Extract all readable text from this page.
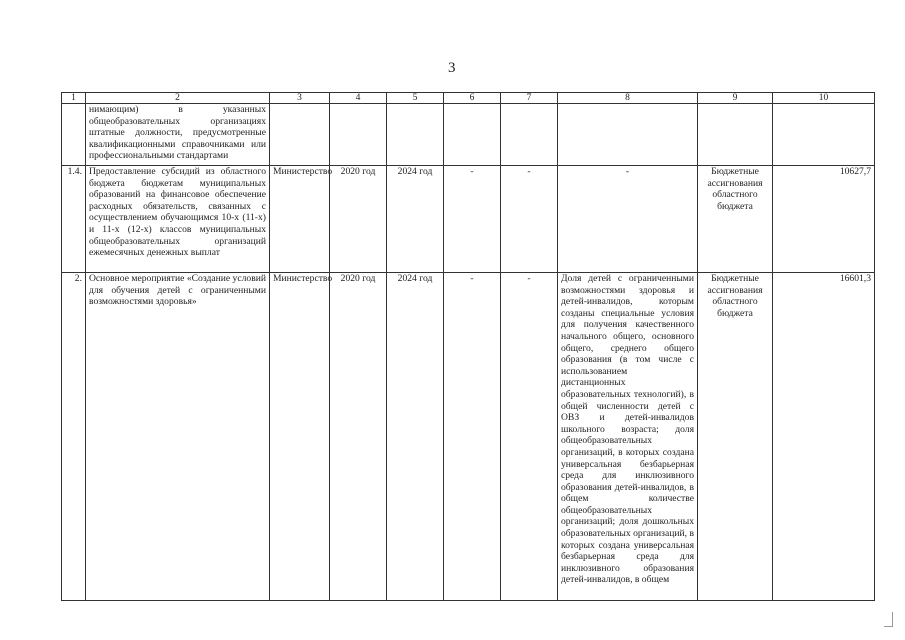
3
1	2	3	4	5	6	7	8	9	10
	нимающим) в указанных общеобразовательных организациях штатные должности, предусмотренные квалификационными справочниками или профессиональными стандартами								
1.4.	Предоставление субсидий из областного бюджета бюджетам муниципальных образований на финансовое обеспечение расходных обязательств, связанных с осуществлением обучающимся 10-х (11-х) и 11-х (12-х) классов муниципальных общеобразовательных организаций ежемесячных денежных выплат	Министерство	2020 год	2024 год	-	-	-	Бюджетные ассигнования областного бюджета	10627,7
2.	Основное мероприятие «Создание условий для обучения детей с ограниченными возможностями здоровья»	Министерство	2020 год	2024 год	-	-	Доля детей с ограниченными возможностями здоровья и детей-инвалидов, которым созданы специальные условия для получения качественного начального общего, основного общего, среднего общего образования (в том числе с использованием дистанционных образовательных технологий), в общей численности детей с ОВЗ и детей-инвалидов школьного возраста; доля общеобразовательных организаций, в которых создана универсальная безбарьерная среда для инклюзивного образования детей-инвалидов, в общем количестве общеобразовательных организаций; доля дошкольных образовательных организаций, в которых создана универсальная безбарьерная среда для инклюзивного образования детей-инвалидов, в общем	Бюджетные ассигнования областного бюджета	16601,3
